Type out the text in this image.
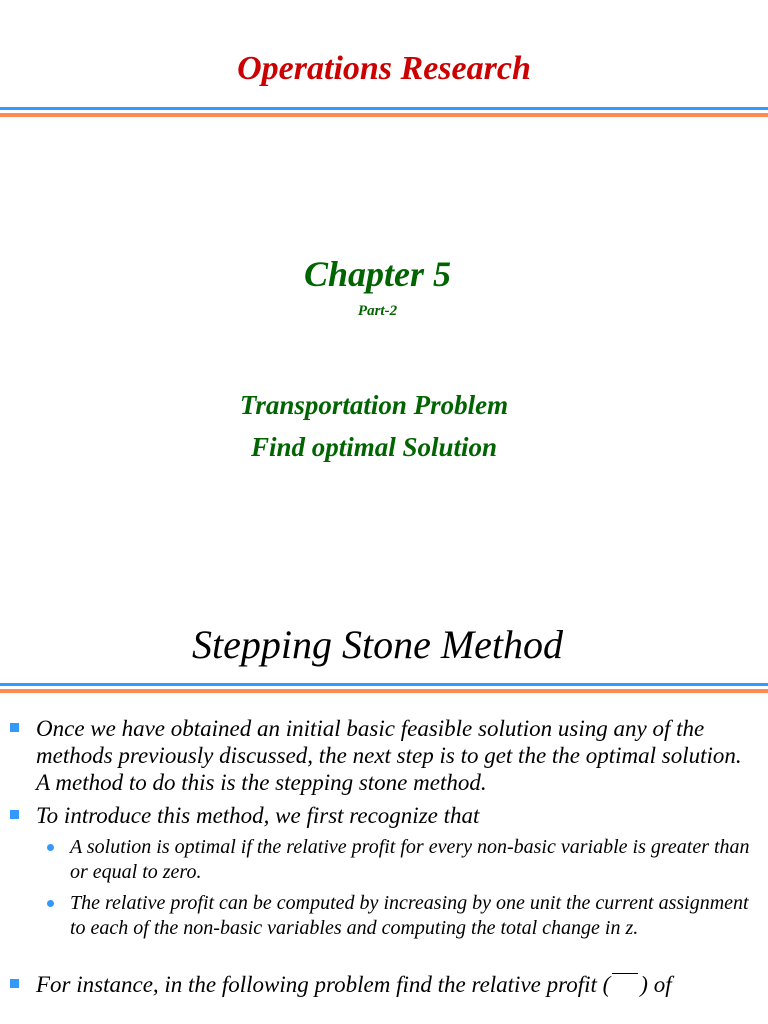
Operations Research
Chapter 5
Part-2
Transportation Problem
Find optimal Solution
Stepping Stone Method
Once we have obtained an initial basic feasible solution using any of the methods previously discussed, the next step is to get the the optimal solution. A method to do this is the stepping stone method.
To introduce this method, we first recognize that
A solution is optimal if the relative profit for every non-basic variable is greater than or equal to zero.
The relative profit can be computed by increasing by one unit the current assignment to each of the non-basic variables and computing the total change in z.
For instance, in the following problem find the relative profit ( ) of
